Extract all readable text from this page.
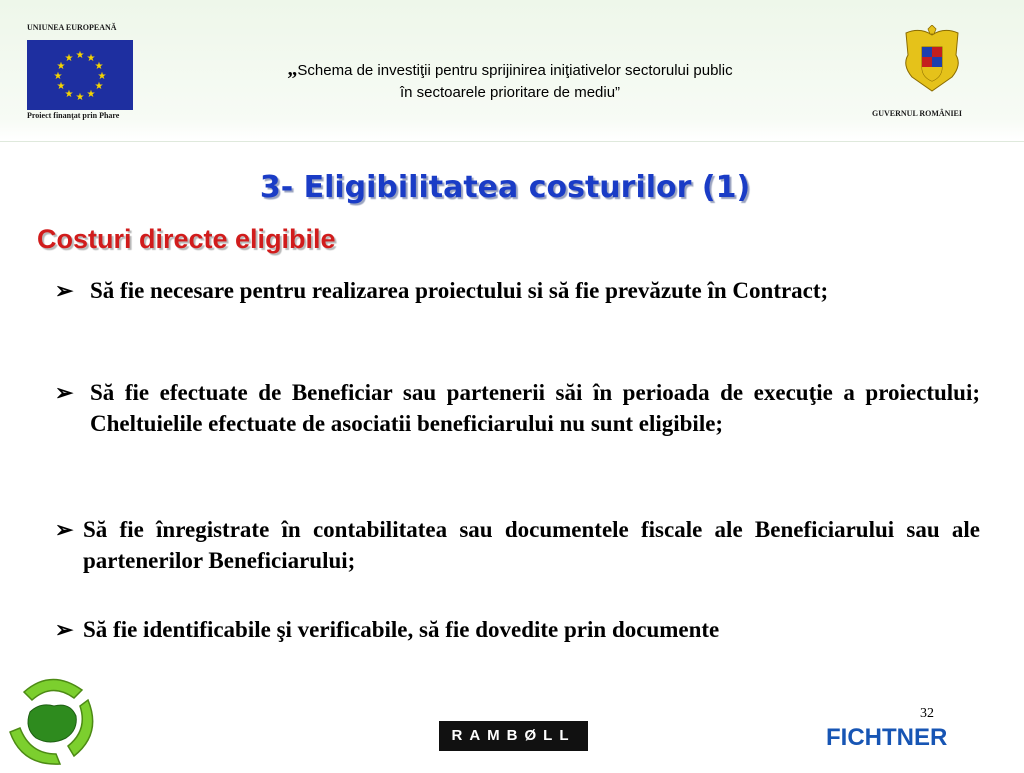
UNIUNEA EUROPEANĂ
★ ★
★
★
★
★
★
★
★
★
★
★
Proiect finanţat prin Phare
„Schema de investiţii pentru sprijinirea iniţiativelor sectorului public
în sectoarele prioritare de mediu”
GUVERNUL ROMÂNIEI
3- Eligibilitatea costurilor (1)
Costuri directe eligibile
➢ Să fie necesare pentru realizarea proiectului si să fie prevăzute în Contract;
➢ Să fie efectuate de Beneficiar sau partenerii săi în perioada de execuţie a proiectului; Cheltuielile efectuate de asociatii beneficiarului nu sunt eligibile;
➢ Să fie înregistrate în contabilitatea sau documentele fiscale ale Beneficiarului sau ale partenerilor Beneficiarului;
➢ Să fie identificabile şi verificabile, să fie dovedite prin documente
32
RAMBØLL	FICHTNER
